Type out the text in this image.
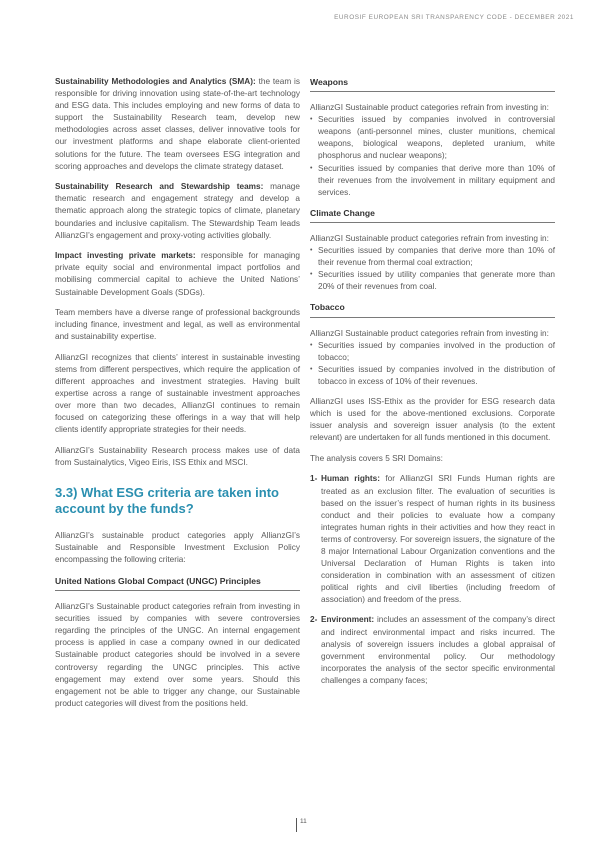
EUROSIF EUROPEAN SRI TRANSPARENCY CODE - DECEMBER 2021

Sustainability Methodologies and Analytics (SMA): the team is responsible for driving innovation using state-of-the-art technology and ESG data. This includes employing and new forms of data to support the Sustainability Research team, develop new methodologies across asset classes, deliver innovative tools for our investment platforms and shape elaborate client-oriented solutions for the future. The team oversees ESG integration and scoring approaches and develops the climate strategy dataset.

Sustainability Research and Stewardship teams: manage thematic research and engagement strategy and develop a thematic approach along the strategic topics of climate, planetary boundaries and inclusive capitalism. The Stewardship Team leads AllianzGI’s engagement and proxy-voting activities globally.

Impact investing private markets: responsible for managing private equity social and environmental impact portfolios and mobilising commercial capital to achieve the United Nations’ Sustainable Development Goals (SDGs).

Team members have a diverse range of professional backgrounds including finance, investment and legal, as well as environmental and sustainability expertise.

AllianzGI recognizes that clients’ interest in sustainable investing stems from different perspectives, which require the application of different approaches and investment strategies. Having built expertise across a range of sustainable investment approaches over more than two decades, AllianzGI continues to remain focused on categorizing these offerings in a way that will help clients identify appropriate strategies for their needs.

AllianzGI’s Sustainability Research process makes use of data from Sustainalytics, Vigeo Eiris, ISS Ethix and MSCI.

3.3) What ESG criteria are taken into account by the funds?

AllianzGI’s sustainable product categories apply AllianzGI’s Sustainable and Responsible Investment Exclusion Policy encompassing the following criteria:

United Nations Global Compact (UNGC) Principles

AllianzGI’s Sustainable product categories refrain from investing in securities issued by companies with severe controversies regarding the principles of the UNGC. An internal engagement process is applied in case a company owned in our dedicated Sustainable product categories should be involved in a severe controversy regarding the UNGC principles. This active engagement may extend over some years. Should this engagement not be able to trigger any change, our Sustainable product categories will divest from the positions held.

Weapons

AllianzGI Sustainable product categories refrain from investing in:

• Securities issued by companies involved in controversial weapons (anti-personnel mines, cluster munitions, chemical weapons, biological weapons, depleted uranium, white phosphorus and nuclear weapons);
• Securities issued by companies that derive more than 10% of their revenues from the involvement in military equipment and services.
Climate Change

AllianzGI Sustainable product categories refrain from investing in:

• Securities issued by companies that derive more than 10% of their revenue from thermal coal extraction;
• Securities issued by utility companies that generate more than 20% of their revenues from coal.
Tobacco

AllianzGI Sustainable product categories refrain from investing in:

• Securities issued by companies involved in the production of tobacco;
• Securities issued by companies involved in the distribution of tobacco in excess of 10% of their revenues.

AllianzGI uses ISS-Ethix as the provider for ESG research data which is used for the above-mentioned exclusions. Corporate issuer analysis and sovereign issuer analysis (to the extent relevant) are undertaken for all funds mentioned in this document.

The analysis covers 5 SRI Domains:

1- Human rights: for AllianzGI SRI Funds Human rights are treated as an exclusion filter. The evaluation of securities is based on the issuer’s respect of human rights in its business conduct and their policies to evaluate how a company integrates human rights in their activities and how they react in terms of controversy. For sovereign issuers, the signature of the 8 major International Labour Organization conventions and the Universal Declaration of Human Rights is taken into consideration in combination with an assessment of citizen political rights and civil liberties (including freedom of association) and freedom of the press.
2- Environment: includes an assessment of the company’s direct and indirect environmental impact and risks incurred. The analysis of sovereign issuers includes a global appraisal of government environmental policy. Our methodology incorporates the analysis of the sector specific environmental challenges a company faces;
11
